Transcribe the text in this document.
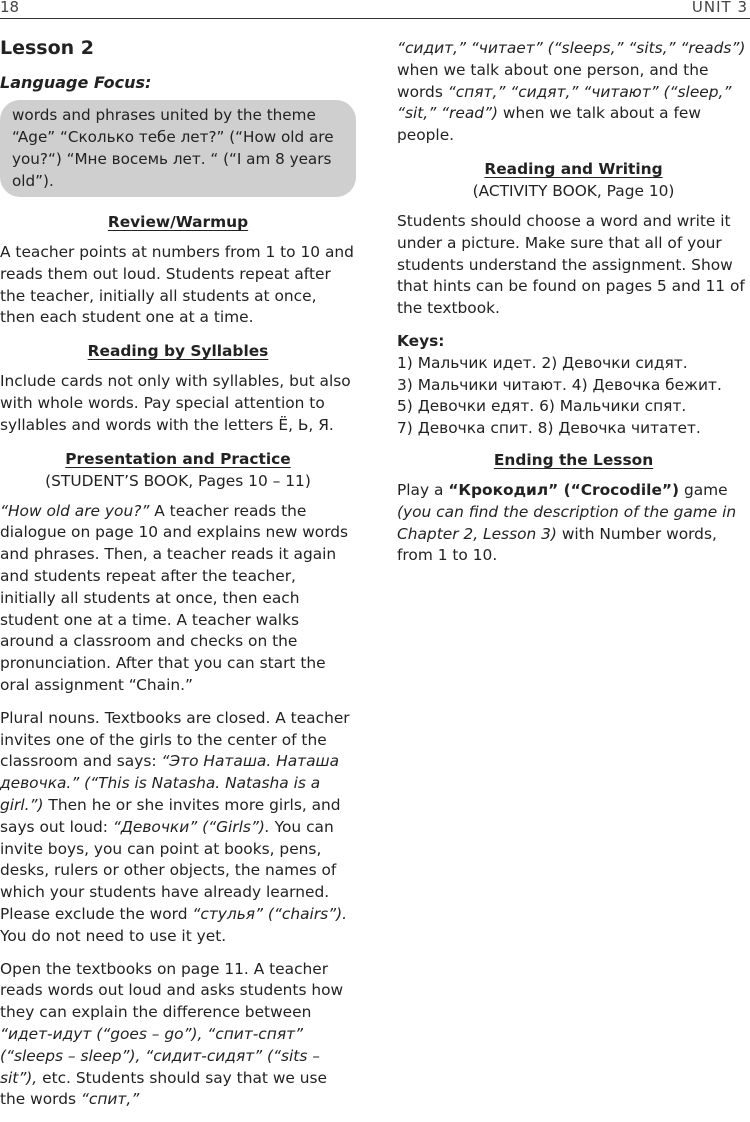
18	UNIT 3
Lesson 2
Language Focus:
words and phrases united by the theme “Age” “Сколько тебе лет?” (“How old are you?“) “Мне восемь лет. “ (“I am 8 years old”).
Review/Warmup

A teacher points at numbers from 1 to 10 and reads them out loud. Students repeat after the teacher, initially all students at once, then each student one at a time.

Reading by Syllables

Include cards not only with syllables, but also with whole words. Pay special attention to syllables and words with the letters Ё, Ь, Я.

Presentation and Practice
(STUDENT’S BOOK, Pages 10 – 11)

“How old are you?” A teacher reads the dialogue on page 10 and explains new words and phrases. Then, a teacher reads it again and students repeat after the teacher, initially all students at once, then each student one at a time. A teacher walks around a classroom and checks on the pronunciation. After that you can start the oral assignment “Chain.”

Plural nouns. Textbooks are closed. A teacher invites one of the girls to the center of the classroom and says: “Это Наташа. Наташа девочка.” (“This is Natasha. Natasha is a girl.”) Then he or she invites more girls, and says out loud: “Девочки” (“Girls”). You can invite boys, you can point at books, pens, desks, rulers or other objects, the names of which your students have already learned. Please exclude the word “стулья” (“chairs”). You do not need to use it yet.

Open the textbooks on page 11. A teacher reads words out loud and asks students how they can explain the difference between “идет-идут (“goes – go”), “спит-спят” (“sleeps – sleep”), “сидит-сидят” (“sits – sit”), etc. Students should say that we use the words “спит,”

“сидит,” “читает” (“sleeps,” “sits,” “reads”) when we talk about one person, and the words “спят,” “сидят,” “читают” (“sleep,” “sit,” “read”) when we talk about a few people.

Reading and Writing
(ACTIVITY BOOK, Page 10)

Students should choose a word and write it under a picture. Make sure that all of your students understand the assignment. Show that hints can be found on pages 5 and 11 of the textbook.

Keys:
1) Мальчик идет. 2) Девочки сидят.
3) Мальчики читают. 4) Девочка бежит.
5) Девочки едят. 6) Мальчики спят.
7) Девочка спит. 8) Девочка читатет.
Ending the Lesson

Play a “Крокодил” (“Crocodile”) game (you can find the description of the game in Chapter 2, Lesson 3) with Number words, from 1 to 10.
